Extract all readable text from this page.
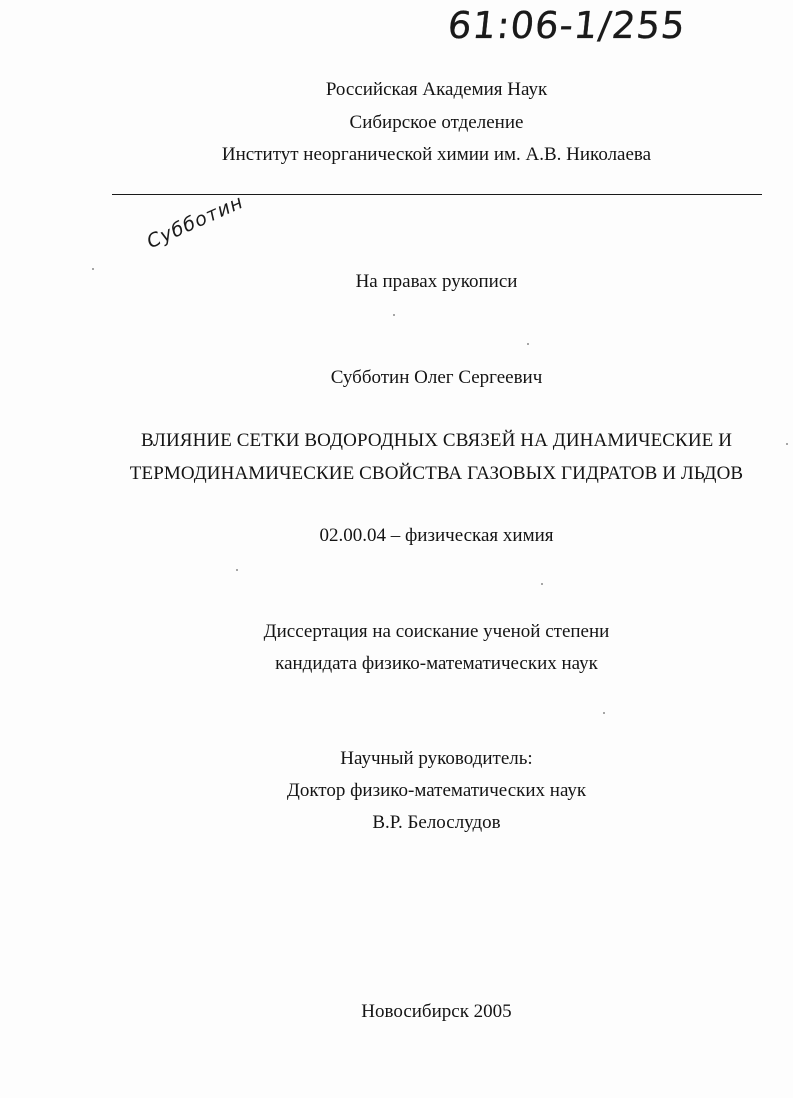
61:06-1/255
Российская Академия Наук
Сибирское отделение
Институт неорганической химии им. А.В. Николаева
Субботин
На правах рукописи
Субботин Олег Сергеевич
ВЛИЯНИЕ СЕТКИ ВОДОРОДНЫХ СВЯЗЕЙ НА ДИНАМИЧЕСКИЕ И
ТЕРМОДИНАМИЧЕСКИЕ СВОЙСТВА ГАЗОВЫХ ГИДРАТОВ И ЛЬДОВ
02.00.04 – физическая химия
Диссертация на соискание ученой степени
кандидата физико-математических наук
Научный руководитель:
Доктор физико-математических наук
В.Р. Белослудов
Новосибирск 2005
